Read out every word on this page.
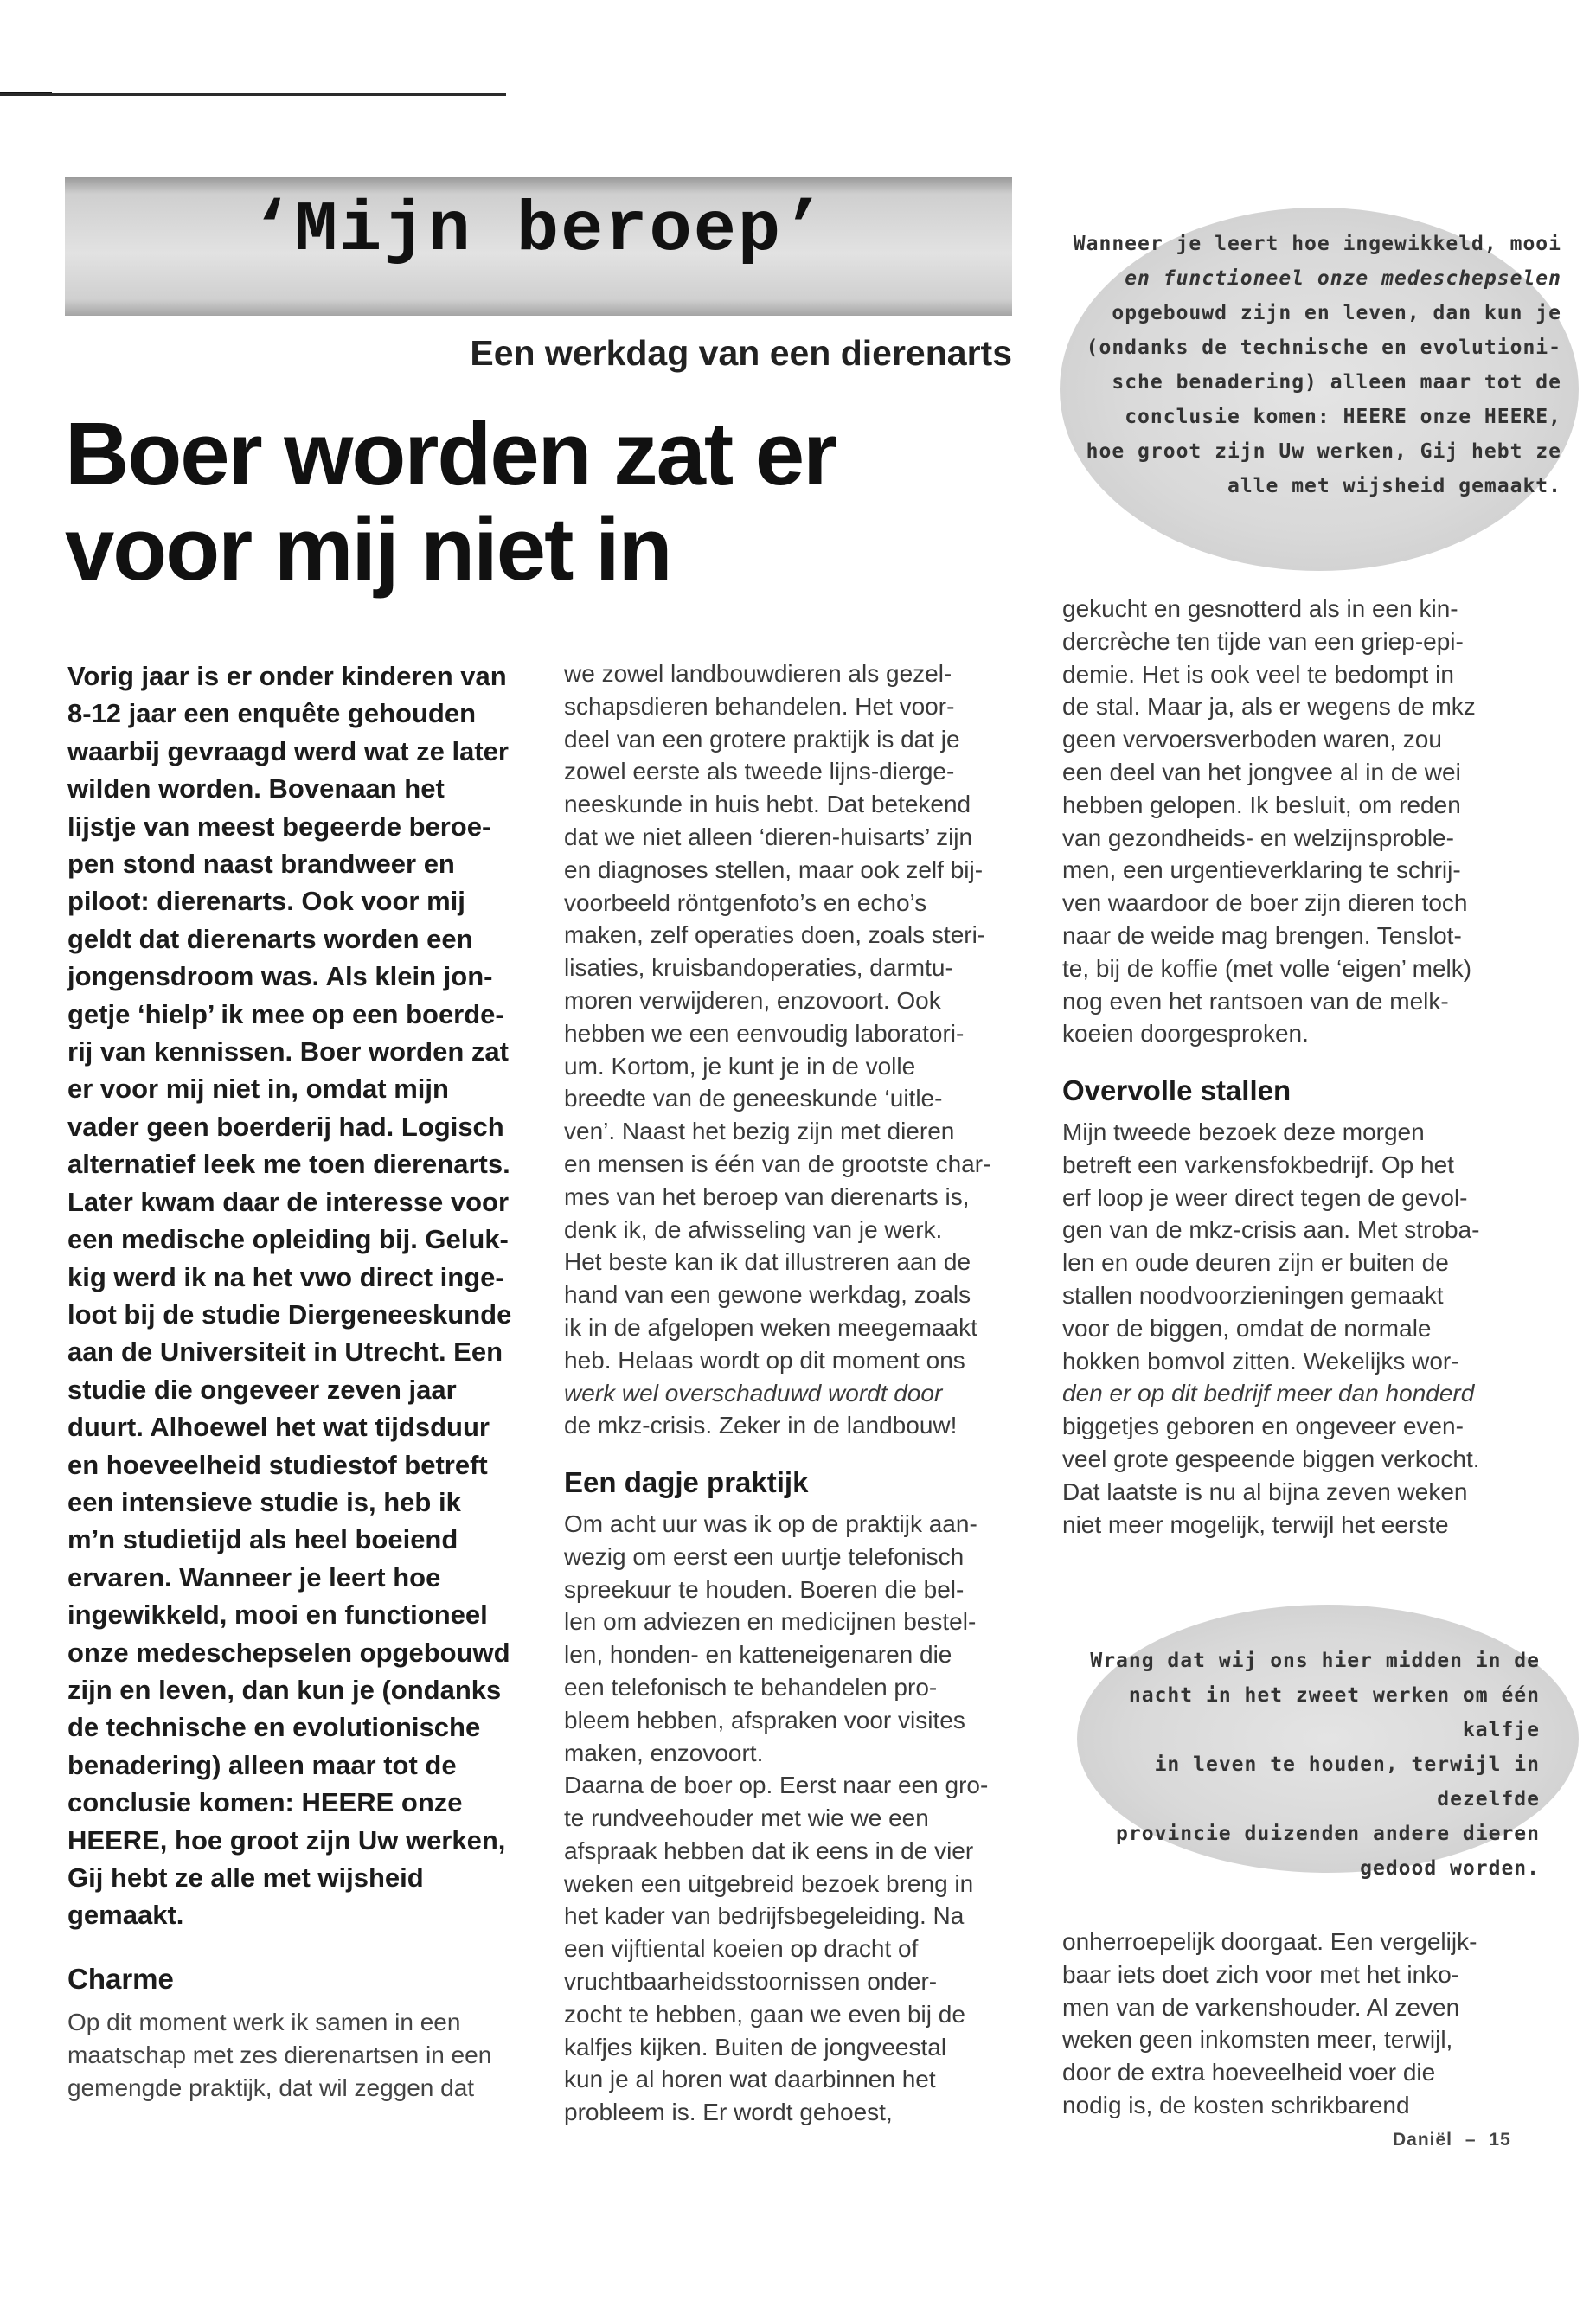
‘Mijn beroep’
Een werkdag van een dierenarts
Boer worden zat er
voor mij niet in
Wanneer je leert hoe ingewikkeld, mooi
en functioneel onze medeschepselen
opgebouwd zijn en leven, dan kun je
(ondanks de technische en evolutioni-
sche benadering) alleen maar tot de
conclusie komen: HEERE onze HEERE,
hoe groot zijn Uw werken, Gij hebt ze
alle met wijsheid gemaakt.

Vorig jaar is er onder kinderen van

8-12 jaar een enquête gehouden

waarbij gevraagd werd wat ze later

wilden worden. Bovenaan het

lijstje van meest begeerde beroe-

pen stond naast brandweer en

piloot: dierenarts. Ook voor mij

geldt dat dierenarts worden een

jongensdroom was. Als klein jon-

getje ‘hielp’ ik mee op een boerde-

rij van kennissen. Boer worden zat

er voor mij niet in, omdat mijn

vader geen boerderij had. Logisch

alternatief leek me toen dierenarts.

Later kwam daar de interesse voor

een medische opleiding bij. Geluk-

kig werd ik na het vwo direct inge-

loot bij de studie Diergeneeskunde

aan de Universiteit in Utrecht. Een

studie die ongeveer zeven jaar

duurt. Alhoewel het wat tijdsduur

en hoeveelheid studiestof betreft

een intensieve studie is, heb ik

m’n studietijd als heel boeiend

ervaren. Wanneer je leert hoe

ingewikkeld, mooi en functioneel

onze medeschepselen opgebouwd

zijn en leven, dan kun je (ondanks

de technische en evolutionische

benadering) alleen maar tot de

conclusie komen: HEERE onze

HEERE, hoe groot zijn Uw werken,

Gij hebt ze alle met wijsheid

gemaakt.

Charme

Op dit moment werk ik samen in een

maatschap met zes dierenartsen in een

gemengde praktijk, dat wil zeggen dat

we zowel landbouwdieren als gezel-

schapsdieren behandelen. Het voor-

deel van een grotere praktijk is dat je

zowel eerste als tweede lijns-dierge-

neeskunde in huis hebt. Dat betekend

dat we niet alleen ‘dieren-huisarts’ zijn

en diagnoses stellen, maar ook zelf bij-

voorbeeld röntgenfoto’s en echo’s

maken, zelf operaties doen, zoals steri-

lisaties, kruisbandoperaties, darmtu-

moren verwijderen, enzovoort. Ook

hebben we een eenvoudig laboratori-

um. Kortom, je kunt je in de volle

breedte van de geneeskunde ‘uitle-

ven’. Naast het bezig zijn met dieren

en mensen is één van de grootste char-

mes van het beroep van dierenarts is,

denk ik, de afwisseling van je werk.

Het beste kan ik dat illustreren aan de

hand van een gewone werkdag, zoals

ik in de afgelopen weken meegemaakt

heb. Helaas wordt op dit moment ons

werk wel overschaduwd wordt door

de mkz-crisis. Zeker in de landbouw!

Een dagje praktijk

Om acht uur was ik op de praktijk aan-

wezig om eerst een uurtje telefonisch

spreekuur te houden. Boeren die bel-

len om adviezen en medicijnen bestel-

len, honden- en katteneigenaren die

een telefonisch te behandelen pro-

bleem hebben, afspraken voor visites

maken, enzovoort.

Daarna de boer op. Eerst naar een gro-

te rundveehouder met wie we een

afspraak hebben dat ik eens in de vier

weken een uitgebreid bezoek breng in

het kader van bedrijfsbegeleiding. Na

een vijftiental koeien op dracht of

vruchtbaarheidsstoornissen onder-

zocht te hebben, gaan we even bij de

kalfjes kijken. Buiten de jongveestal

kun je al horen wat daarbinnen het

probleem is. Er wordt gehoest,

gekucht en gesnotterd als in een kin-

dercrèche ten tijde van een griep-epi-

demie. Het is ook veel te bedompt in

de stal. Maar ja, als er wegens de mkz

geen vervoersverboden waren, zou

een deel van het jongvee al in de wei

hebben gelopen. Ik besluit, om reden

van gezondheids- en welzijnsproble-

men, een urgentieverklaring te schrij-

ven waardoor de boer zijn dieren toch

naar de weide mag brengen. Tenslot-

te, bij de koffie (met volle ‘eigen’ melk)

nog even het rantsoen van de melk-

koeien doorgesproken.

Overvolle stallen

Mijn tweede bezoek deze morgen

betreft een varkensfokbedrijf. Op het

erf loop je weer direct tegen de gevol-

gen van de mkz-crisis aan. Met stroba-

len en oude deuren zijn er buiten de

stallen noodvoorzieningen gemaakt

voor de biggen, omdat de normale

hokken bomvol zitten. Wekelijks wor-

den er op dit bedrijf meer dan honderd

biggetjes geboren en ongeveer even-

veel grote gespeende biggen verkocht.

Dat laatste is nu al bijna zeven weken

niet meer mogelijk, terwijl het eerste

Wrang dat wij ons hier midden in de
nacht in het zweet werken om één kalfje
in leven te houden, terwijl in dezelfde
provincie duizenden andere dieren
gedood worden.

onherroepelijk doorgaat. Een vergelijk-

baar iets doet zich voor met het inko-

men van de varkenshouder. Al zeven

weken geen inkomsten meer, terwijl,

door de extra hoeveelheid voer die

nodig is, de kosten schrikbarend

Daniël – 15
